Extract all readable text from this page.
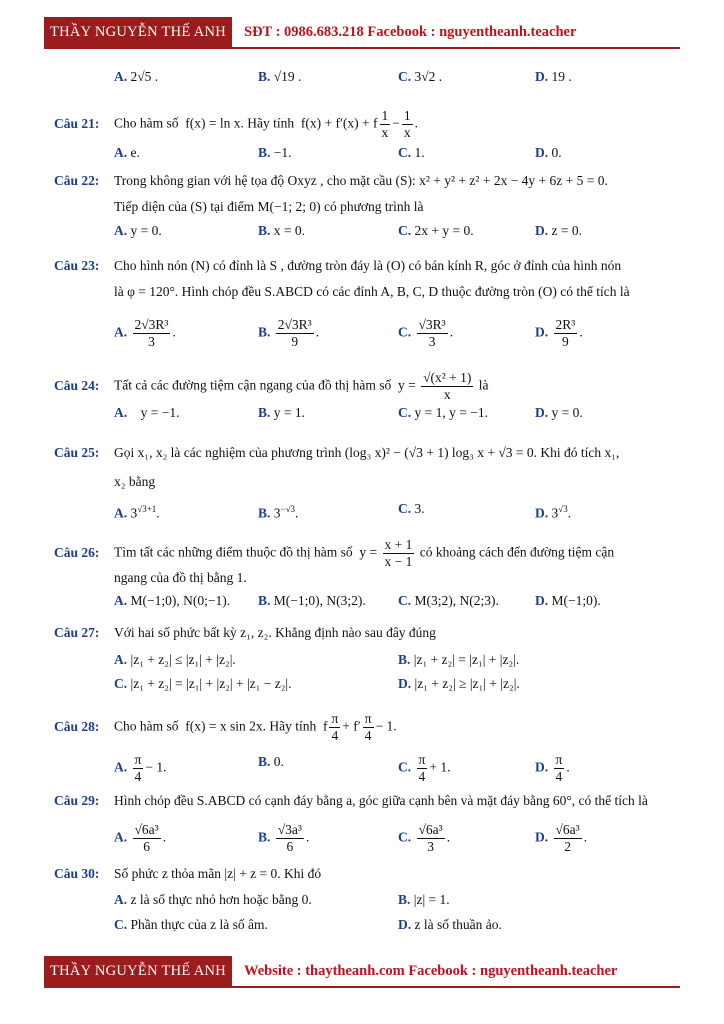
THẦY NGUYỄN THẾ ANH	SĐT : 0986.683.218 Facebook : nguyentheanh.teacher
A. 2√5 .	B. √19 .	C. 3√2 .	D. 19 .
Câu 21: Cho hàm số  f(x) = ln x. Hãy tính  f(x) + f′(x) + f $\frac{1}{x} - \frac{1}{x}$ .
A. e.	B. −1.	C. 1.	D. 0.
Câu 22: Trong không gian với hệ tọa độ Oxyz , cho mặt cầu (S): x² + y² + z² + 2x − 4y + 6z + 5 = 0.
Tiếp diện của (S) tại điểm M(−1; 2; 0) có phương trình là
A. y = 0.	B. x = 0.	C. 2x + y = 0.	D. z = 0.
Câu 23: Cho hình nón (N) có đỉnh là S , đường tròn đáy là (O) có bán kính R, góc ở đỉnh của hình nón
là φ = 120°. Hình chóp đều S.ABCD có các đỉnh A, B, C, D thuộc đường tròn (O) có thể tích là
A. $\frac{\text{2√3R³}}{3}$ .	B. $\frac{\text{2√3R³}}{9}$ .	C. $\frac{\text{√3R³}}{3}$ .	D. $\frac{\text{2R³}}{9}$ .
Câu 24: Tất cả các đường tiệm cận ngang của đồ thị hàm số  $y = \frac{\text{√(x² + 1)}}{x}$ là
A. y = −1.	B. y = 1.	C. y = 1, y = −1.	D. y = 0.
Câu 25: Gọi x₁, x₂ là các nghiệm của phương trình (log₃ x)² − (√3 + 1) log₃ x + √3 = 0. Khi đó tích x₁,
x₂ bằng
A. $3^{√3+1}$.	B. $3^{-√3}$.	C. 3.	D. $3^{√3}$.
Câu 26: Tìm tất các những điểm thuộc đồ thị hàm số  $y = \frac{x + 1}{x - 1}$ có khoảng cách đến đường tiệm cận
ngang của đồ thị bằng 1.
A. M(−1;0), N(0;−1). B. M(−1;0), N(3;2). C. M(3;2), N(2;3).	D. M(−1;0).
Câu 27: Với hai số phức bất kỳ z₁, z₂. Khẳng định nào sau đây đúng
A. |z₁ + z₂| ≤ |z₁| + |z₂|.	B. |z₁ + z₂| = |z₁| + |z₂|.
C. |z₁ + z₂| = |z₁| + |z₂| + |z₁ − z₂|.	D. |z₁ + z₂| ≥ |z₁| + |z₂|.
Câu 28: Cho hàm số  f(x) = x sin 2x. Hãy tính  f $\frac{\pi}{4} + f' \frac{\pi}{4} - 1$.
A. $\frac{\pi}{4} - 1$.	B. 0.	C. $\frac{\pi}{4} + 1$.	D. $\frac{\pi}{4}$ .
Câu 29: Hình chóp đều S.ABCD có cạnh đáy bằng a, góc giữa cạnh bên và mặt đáy bằng 60°, có thể tích là
A. $\frac{\text{√6a³}}{6}$ .	B. $\frac{\text{√3a³}}{6}$ .	C. $\frac{\text{√6a³}}{3}$ .	D. $\frac{\text{√6a³}}{2}$ .
Câu 30: Số phức z thỏa mãn |z| + z = 0. Khi đó
A. z là số thực nhỏ hơn hoặc bằng 0.	B. |z| = 1.
C. Phần thực của z là số âm.	D. z là số thuần ảo.
THẦY NGUYỄN THẾ ANH	Website : thaytheanh.com Facebook : nguyentheanh.teacher
